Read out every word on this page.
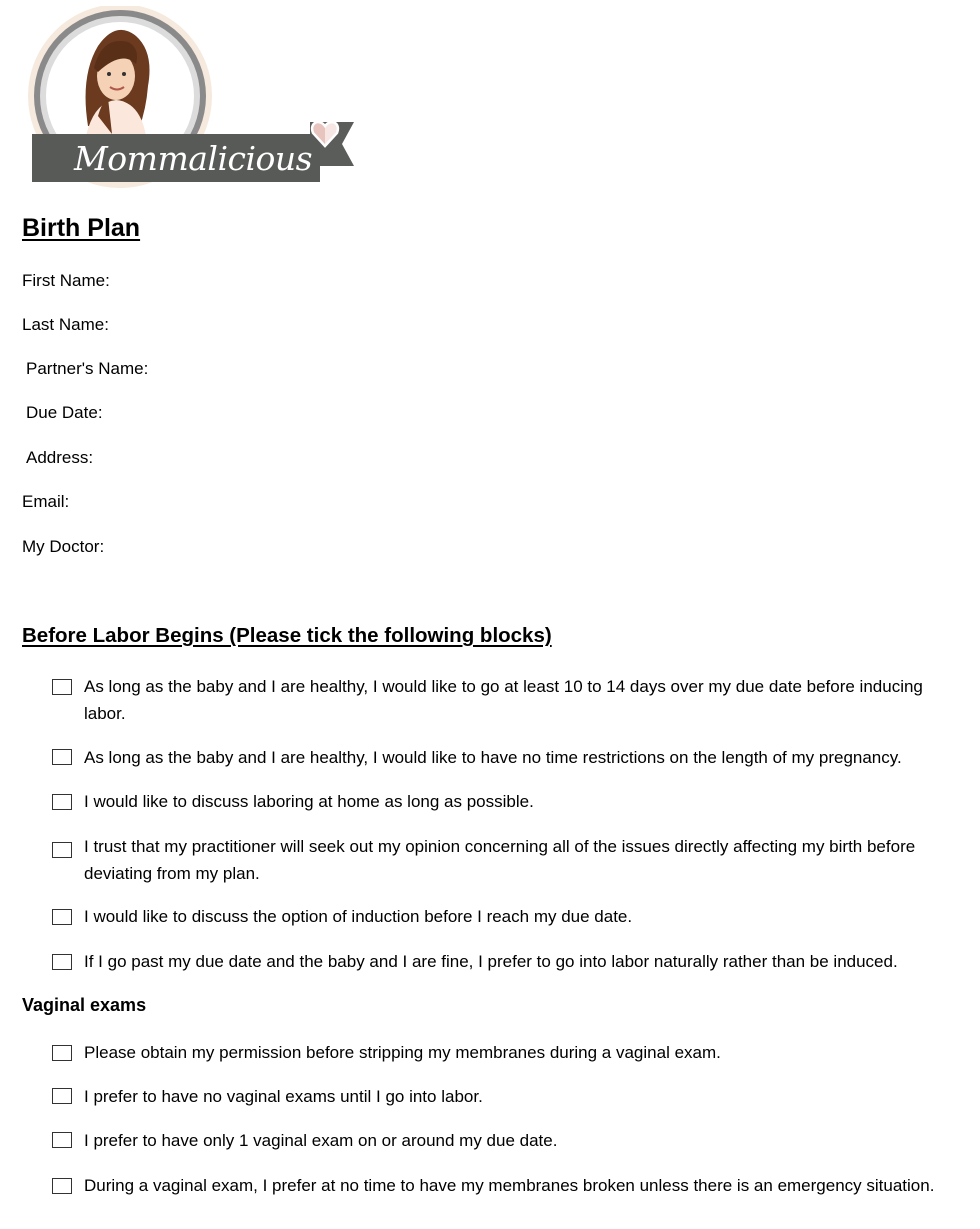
Mommalicious
Birth Plan
First Name:
Last Name:
Partner's Name:
Due Date:
Address:
Email:
My Doctor:
Before Labor Begins (Please tick the following blocks)
As long as the baby and I are healthy, I would like to go at least 10 to 14 days over my due date before inducing labor.
As long as the baby and I are healthy, I would like to have no time restrictions on the length of my pregnancy.
I would like to discuss laboring at home as long as possible.
I trust that my practitioner will seek out my opinion concerning all of the issues directly affecting my birth before deviating from my plan.
I would like to discuss the option of induction before I reach my due date.
If I go past my due date and the baby and I are fine, I prefer to go into labor naturally rather than be induced.
Vaginal exams
Please obtain my permission before stripping my membranes during a vaginal exam.
I prefer to have no vaginal exams until I go into labor.
I prefer to have only 1 vaginal exam on or around my due date.
During a vaginal exam, I prefer at no time to have my membranes broken unless there is an emergency situation.
